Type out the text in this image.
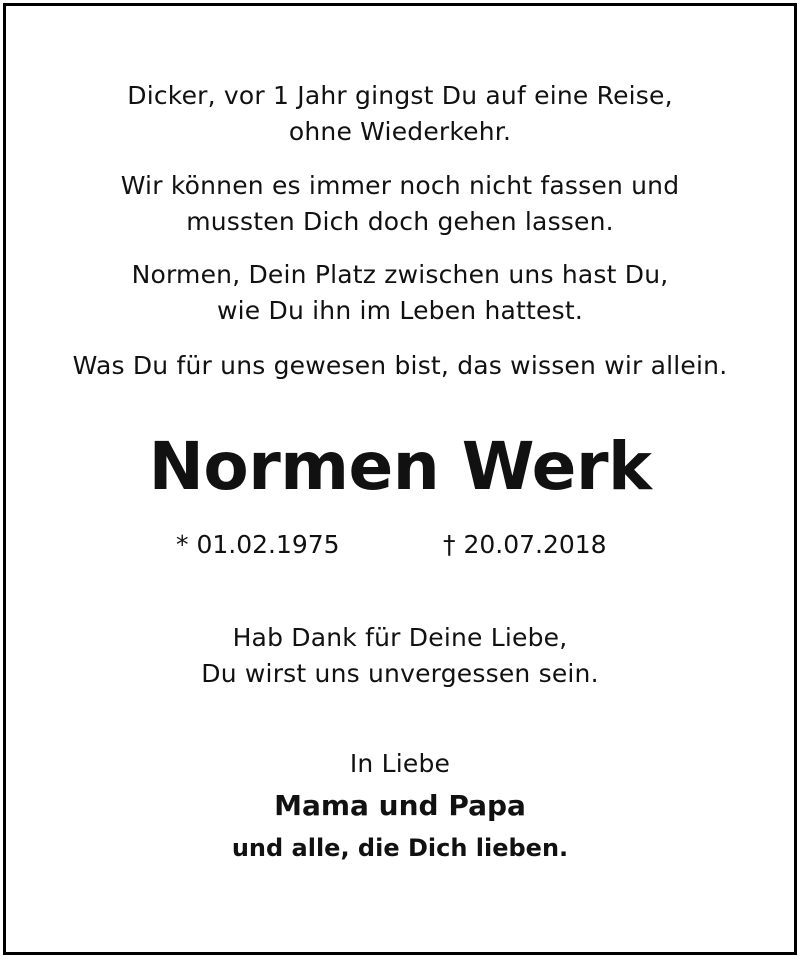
Dicker, vor 1 Jahr gingst Du auf eine Reise,
ohne Wiederkehr.
Wir können es immer noch nicht fassen und
mussten Dich doch gehen lassen.
Normen, Dein Platz zwischen uns hast Du,
wie Du ihn im Leben hattest.
Was Du für uns gewesen bist, das wissen wir allein.
Normen Werk
* 01.02.1975	† 20.07.2018
Hab Dank für Deine Liebe,
Du wirst uns unvergessen sein.
In Liebe
Mama und Papa
und alle, die Dich lieben.
